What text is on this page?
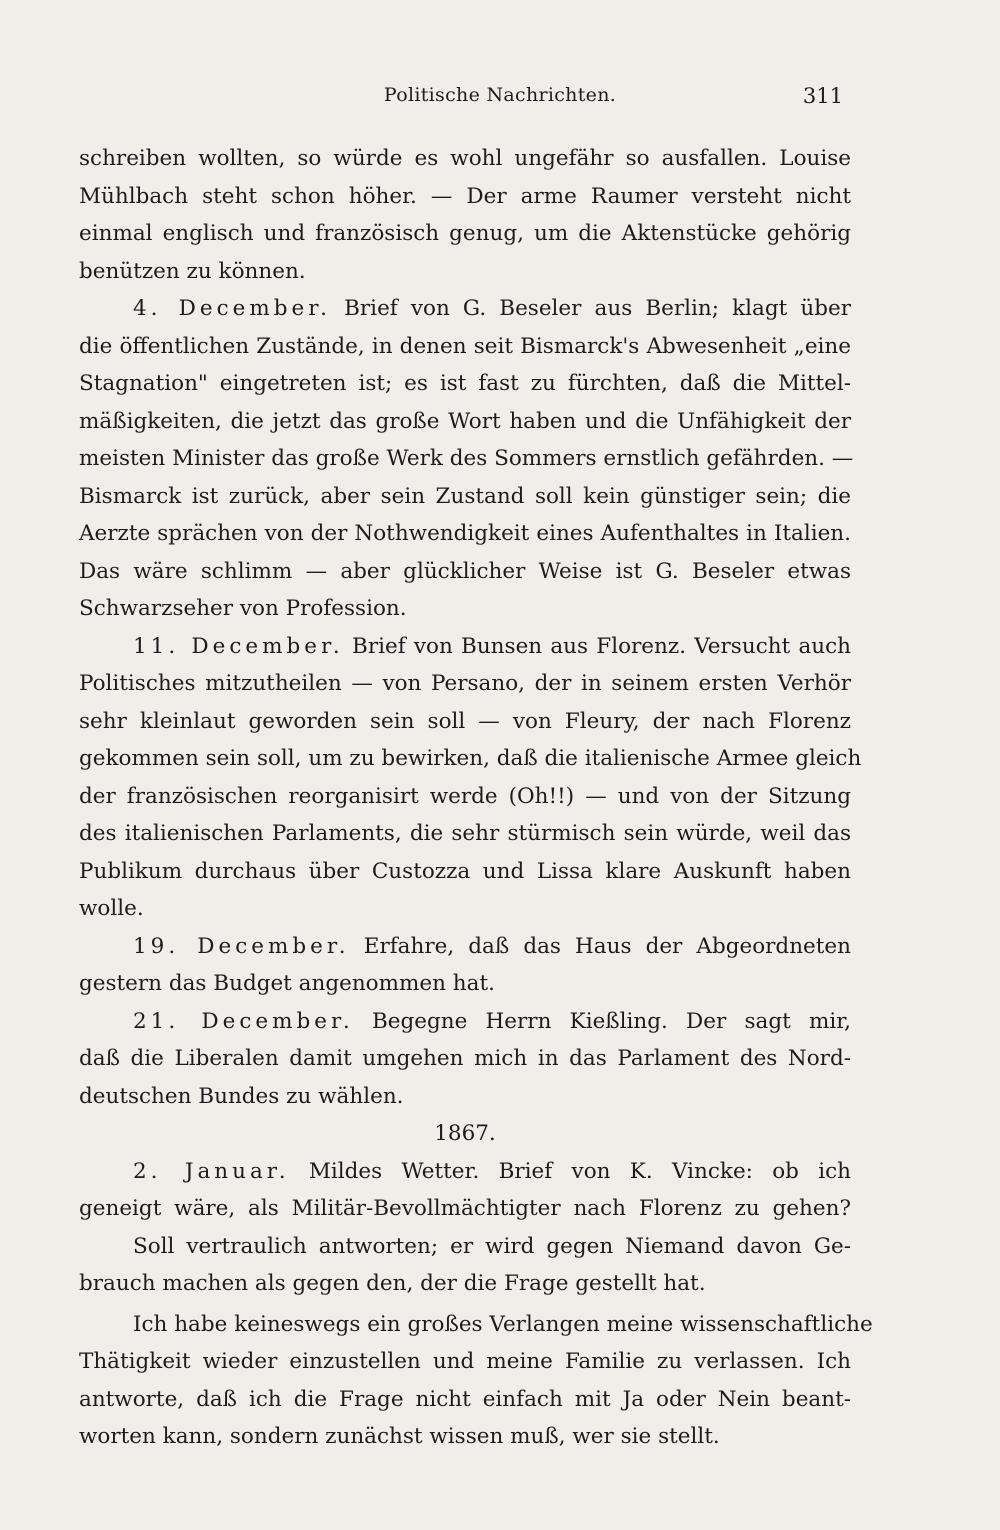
Politische Nachrichten.	311
schreiben wollten, so würde es wohl ungefähr so ausfallen. Louise
Mühlbach steht schon höher. — Der arme Raumer versteht nicht
einmal englisch und französisch genug, um die Aktenstücke gehörig
benützen zu können.
4. December. Brief von G. Beseler aus Berlin; klagt über
die öffentlichen Zustände, in denen seit Bismarck's Abwesenheit „eine
Stagnation" eingetreten ist; es ist fast zu fürchten, daß die Mittel-
mäßigkeiten, die jetzt das große Wort haben und die Unfähigkeit der
meisten Minister das große Werk des Sommers ernstlich gefährden. —
Bismarck ist zurück, aber sein Zustand soll kein günstiger sein; die
Aerzte sprächen von der Nothwendigkeit eines Aufenthaltes in Italien.
Das wäre schlimm — aber glücklicher Weise ist G. Beseler etwas
Schwarzseher von Profession.
11. December. Brief von Bunsen aus Florenz. Versucht auch
Politisches mitzutheilen — von Persano, der in seinem ersten Verhör
sehr kleinlaut geworden sein soll — von Fleury, der nach Florenz
gekommen sein soll, um zu bewirken, daß die italienische Armee gleich
der französischen reorganisirt werde (Oh!!) — und von der Sitzung
des italienischen Parlaments, die sehr stürmisch sein würde, weil das
Publikum durchaus über Custozza und Lissa klare Auskunft haben
wolle.
19. December. Erfahre, daß das Haus der Abgeordneten
gestern das Budget angenommen hat.
21. December. Begegne Herrn Kießling. Der sagt mir,
daß die Liberalen damit umgehen mich in das Parlament des Nord-
deutschen Bundes zu wählen.
1867.
2. Januar. Mildes Wetter. Brief von K. Vincke: ob ich
geneigt wäre, als Militär-Bevollmächtigter nach Florenz zu gehen?
Soll vertraulich antworten; er wird gegen Niemand davon Ge-
brauch machen als gegen den, der die Frage gestellt hat.
Ich habe keineswegs ein großes Verlangen meine wissenschaftliche
Thätigkeit wieder einzustellen und meine Familie zu verlassen. Ich
antworte, daß ich die Frage nicht einfach mit Ja oder Nein beant-
worten kann, sondern zunächst wissen muß, wer sie stellt.
